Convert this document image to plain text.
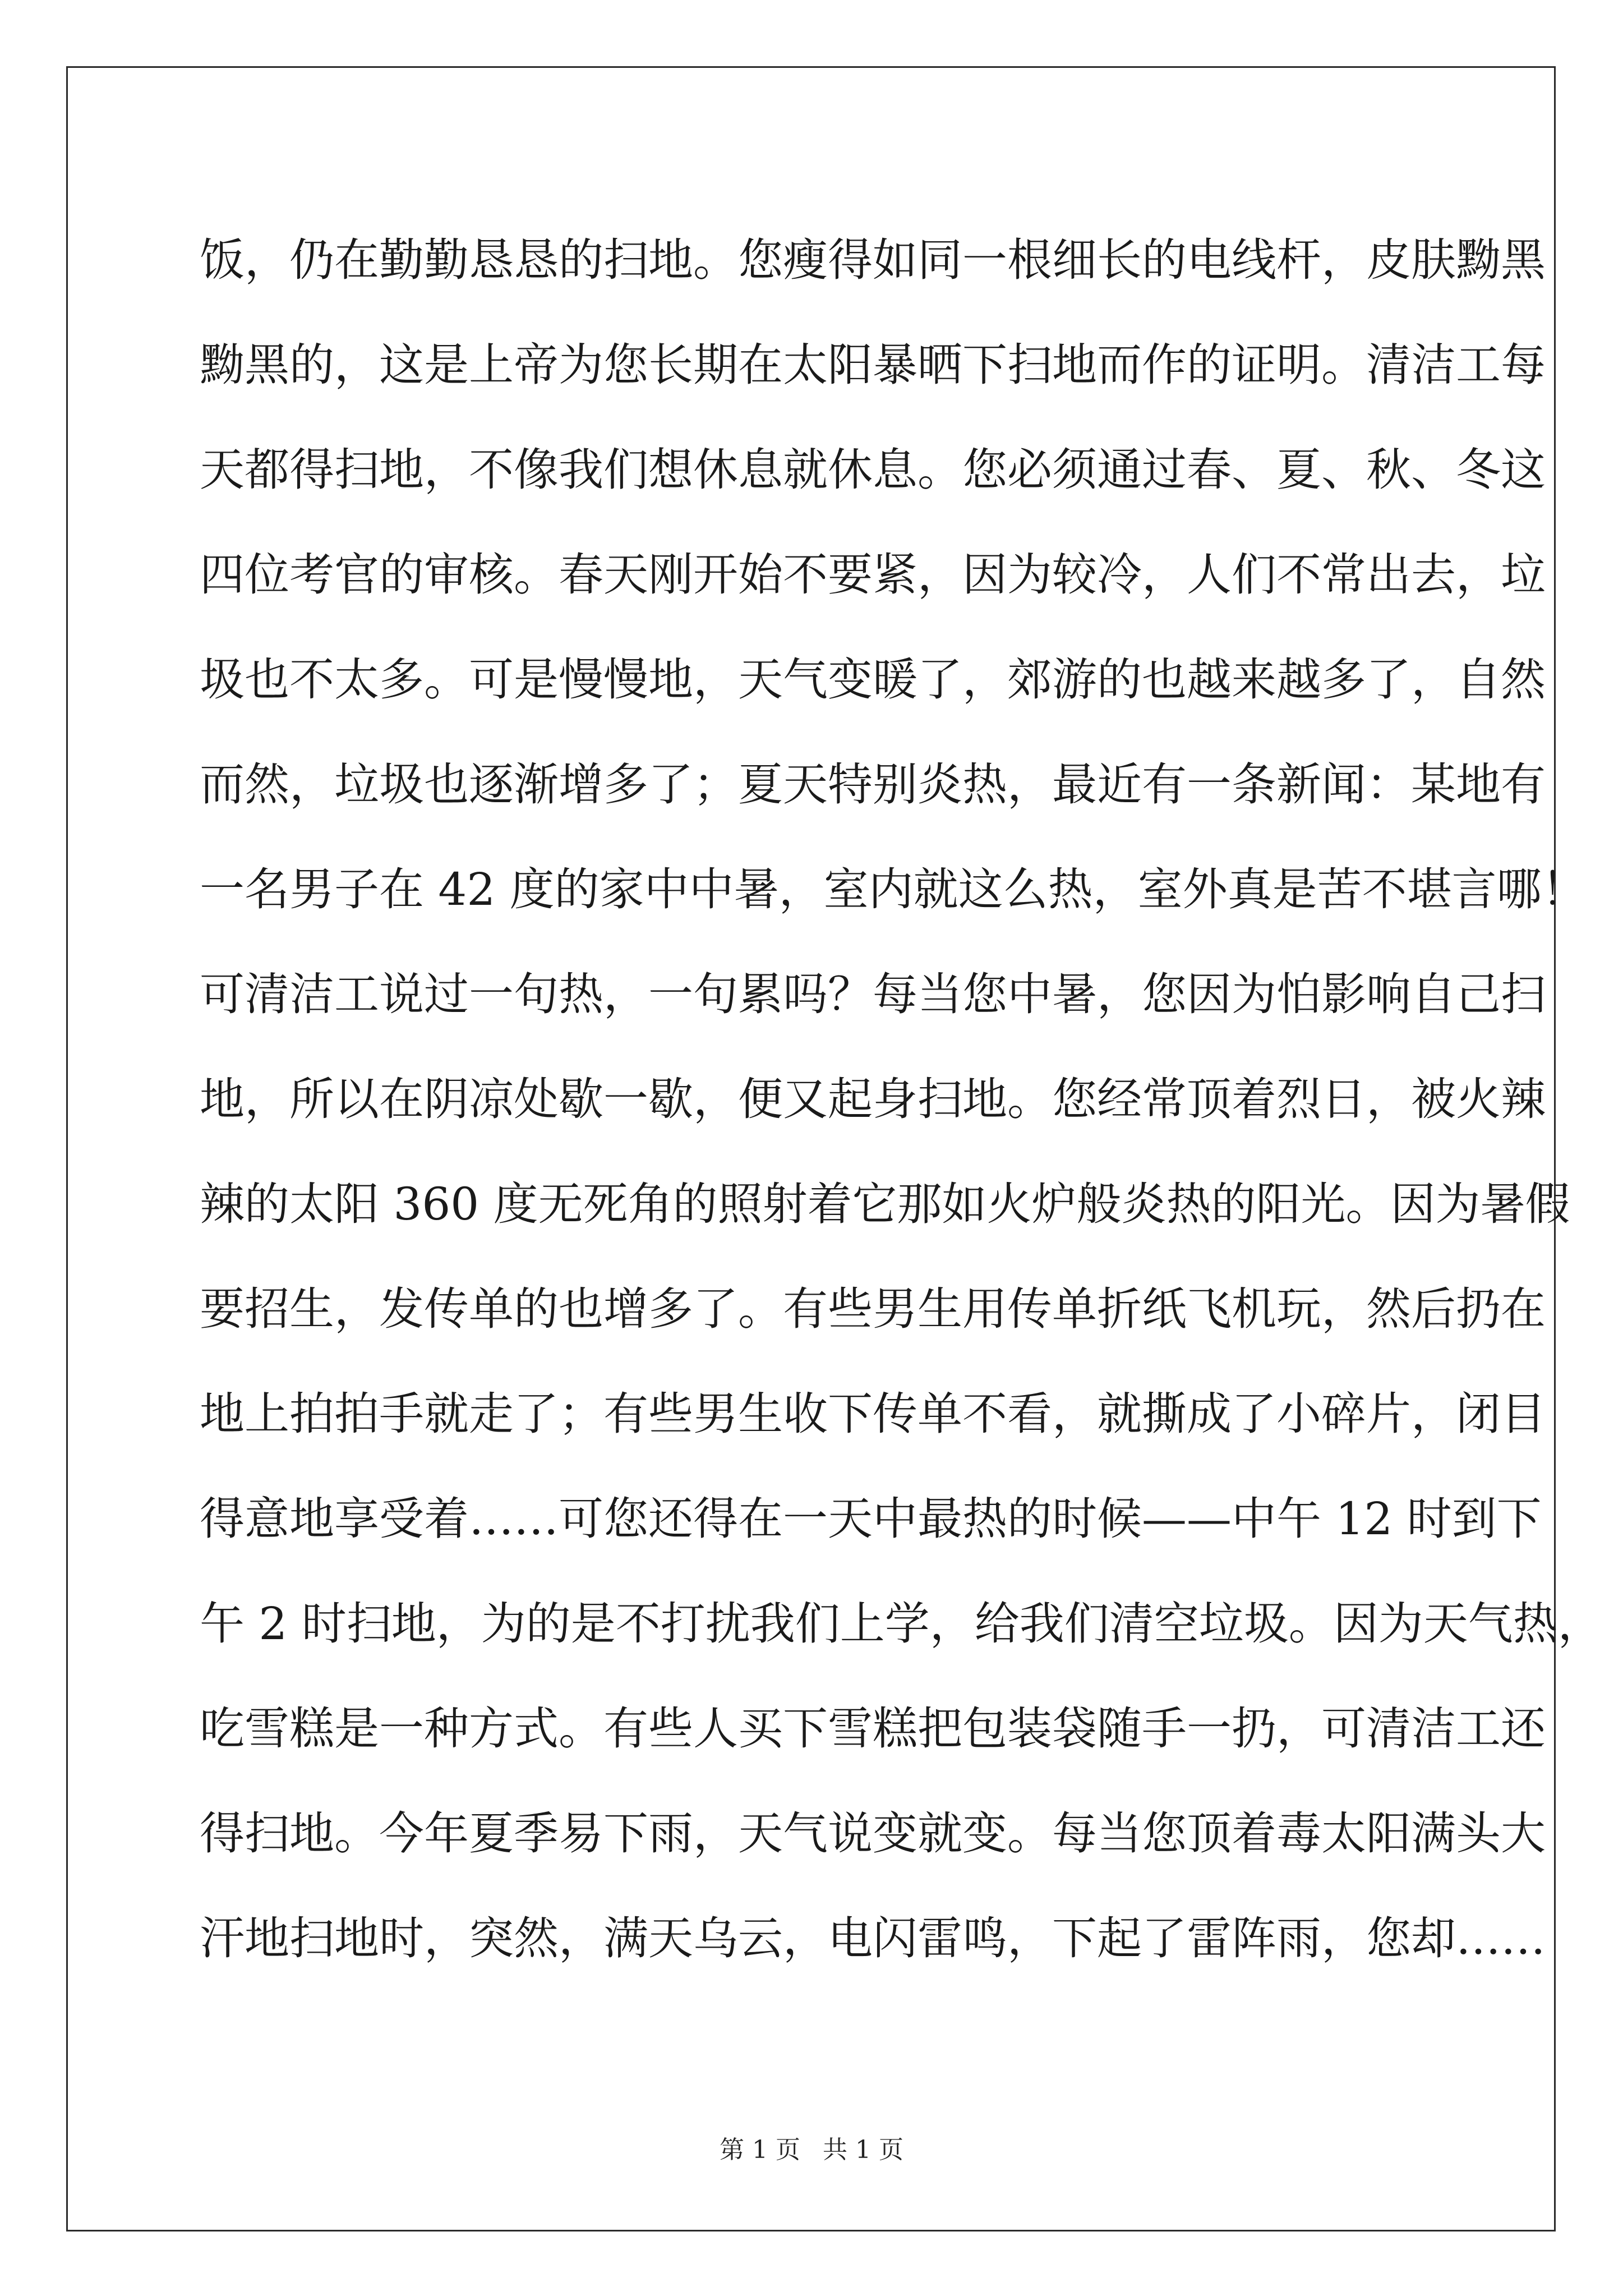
饭，仍在勤勤恳恳的扫地。您瘦得如同一根细长的电线杆，皮肤黝黑
黝黑的，这是上帝为您长期在太阳暴晒下扫地而作的证明。清洁工每
天都得扫地，不像我们想休息就休息。您必须通过春、夏、秋、冬这
四位考官的审核。春天刚开始不要紧，因为较冷，人们不常出去，垃
圾也不太多。可是慢慢地，天气变暖了，郊游的也越来越多了，自然
而然，垃圾也逐渐增多了；夏天特别炎热，最近有一条新闻：某地有
一名男子在 42 度的家中中暑，室内就这么热，室外真是苦不堪言哪！
可清洁工说过一句热，一句累吗？每当您中暑，您因为怕影响自己扫
地，所以在阴凉处歇一歇，便又起身扫地。您经常顶着烈日，被火辣
辣的太阳 360 度无死角的照射着它那如火炉般炎热的阳光。因为暑假
要招生，发传单的也增多了。有些男生用传单折纸飞机玩，然后扔在
地上拍拍手就走了；有些男生收下传单不看，就撕成了小碎片，闭目
得意地享受着……可您还得在一天中最热的时候——中午 12 时到下
午 2 时扫地，为的是不打扰我们上学，给我们清空垃圾。因为天气热，
吃雪糕是一种方式。有些人买下雪糕把包装袋随手一扔，可清洁工还
得扫地。今年夏季易下雨，天气说变就变。每当您顶着毒太阳满头大
汗地扫地时，突然，满天乌云，电闪雷鸣，下起了雷阵雨，您却……
第 1 页 共 1 页
